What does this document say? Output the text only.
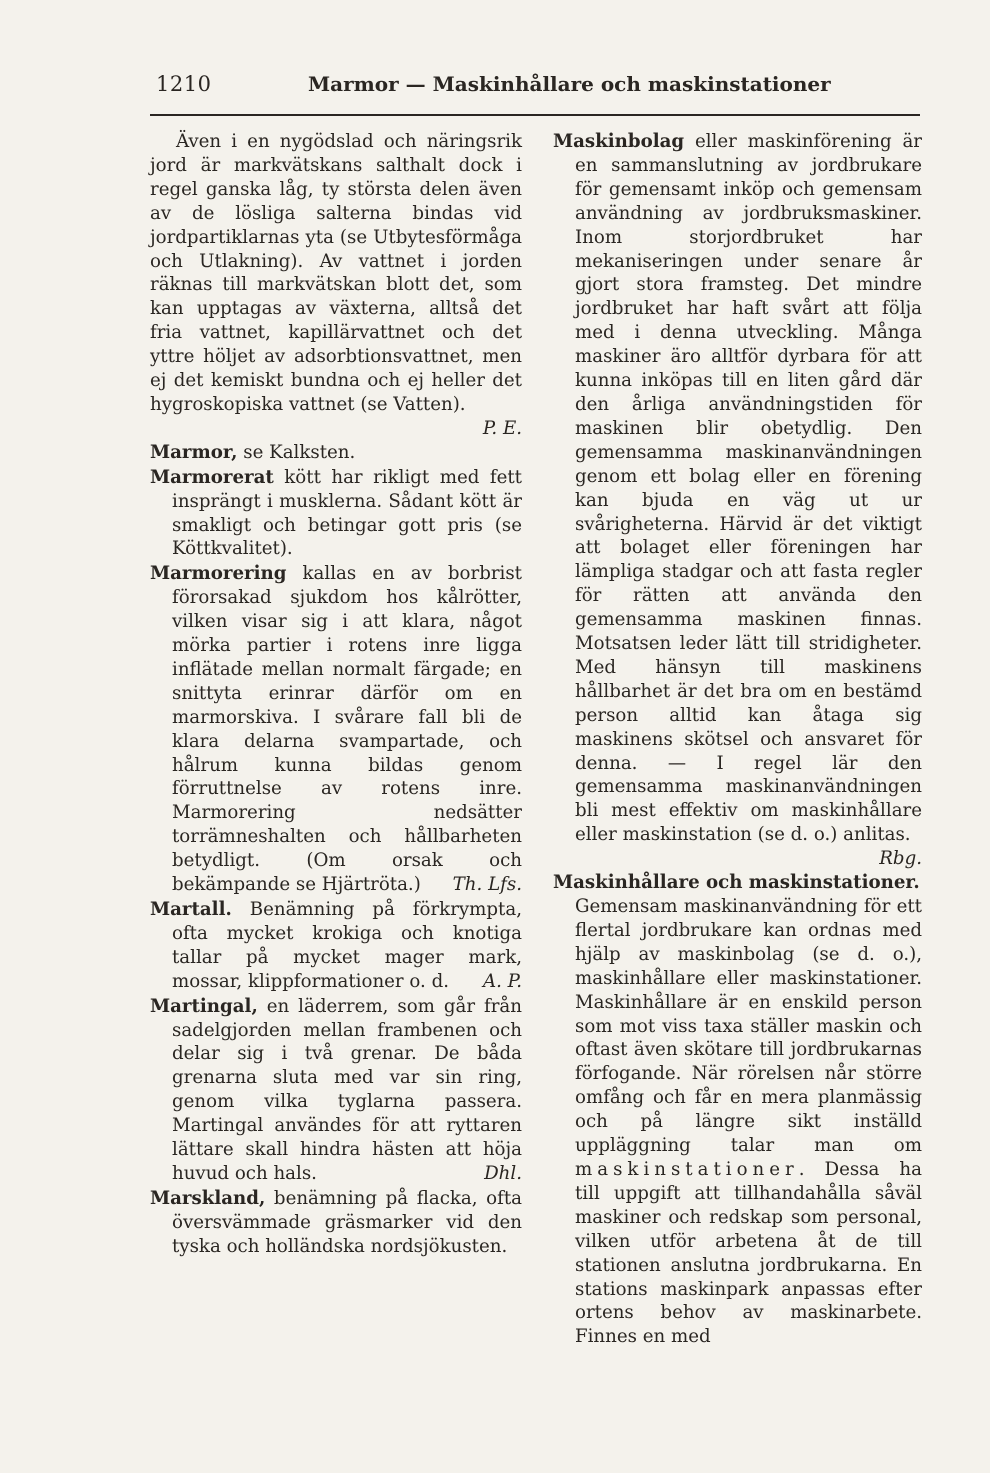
1210	Marmor — Maskinhållare och maskinstationer

Även i en nygödslad och näringsrik jord är markvätskans salthalt dock i regel ganska låg, ty största delen även av de lösliga salterna bindas vid jordpartiklarnas yta (se Utbytesförmåga och Utlakning). Av vattnet i jorden räknas till markvätskan blott det, som kan upptagas av växterna, alltså det fria vattnet, kapillärvattnet och det yttre höljet av adsorbtionsvattnet, men ej det kemiskt bundna och ej heller det hygroskopiska vattnet (se Vatten).
P. E.

Marmor, se Kalksten.

Marmorerat kött har rikligt med fett insprängt i musklerna. Sådant kött är smakligt och betingar gott pris (se Köttkvalitet).

Marmorering kallas en av borbrist förorsakad sjukdom hos kålrötter, vilken visar sig i att klara, något mörka partier i rotens inre ligga inflätade mellan normalt färgade; en snittyta erinrar därför om en marmorskiva. I svårare fall bli de klara delarna svampartade, och hålrum kunna bildas genom förruttnelse av rotens inre. Marmorering nedsätter torrämneshalten och hållbarheten betydligt. (Om orsak och bekämpande se Hjärtröta.) Th. Lfs.

Martall. Benämning på förkrympta, ofta mycket krokiga och knotiga tallar på mycket mager mark, mossar, klippformationer o. d. A. P.

Martingal, en läderrem, som går från sadelgjorden mellan frambenen och delar sig i två grenar. De båda grenarna sluta med var sin ring, genom vilka tyglarna passera. Martingal användes för att ryttaren lättare skall hindra hästen att höja huvud och hals.	Dhl.

Marskland, benämning på flacka, ofta översvämmade gräsmarker vid den tyska och holländska nordsjökusten.

Maskinbolag eller maskinförening är en sammanslutning av jordbrukare för gemensamt inköp och gemensam användning av jordbruksmaskiner. Inom storjordbruket har mekaniseringen under senare år gjort stora framsteg. Det mindre jordbruket har haft svårt att följa med i denna utveckling. Många maskiner äro alltför dyrbara för att kunna inköpas till en liten gård där den årliga användningstiden för maskinen blir obetydlig. Den gemensamma maskinanvändningen genom ett bolag eller en förening kan bjuda en väg ut ur svårigheterna. Härvid är det viktigt att bolaget eller föreningen har lämpliga stadgar och att fasta regler för rätten att använda den gemensamma maskinen finnas. Motsatsen leder lätt till stridigheter. Med hänsyn till maskinens hållbarhet är det bra om en bestämd person alltid kan åtaga sig maskinens skötsel och ansvaret för denna. — I regel lär den gemensamma maskinanvändningen bli mest effektiv om maskinhållare eller maskinstation (se d. o.) anlitas.
Rbg.

Maskinhållare och maskinstationer.
Gemensam maskinanvändning för ett flertal jordbrukare kan ordnas med hjälp av maskinbolag (se d. o.), maskinhållare eller maskinstationer. Maskinhållare är en enskild person som mot viss taxa ställer maskin och oftast även skötare till jordbrukarnas förfogande. När rörelsen når större omfång och får en mera planmässig och på längre sikt inställd uppläggning talar man om maskinstationer. Dessa ha till uppgift att tillhandahålla såväl maskiner och redskap som personal, vilken utför arbetena åt de till stationen anslutna jordbrukarna. En stations maskinpark anpassas efter ortens behov av maskinarbete. Finnes en med
